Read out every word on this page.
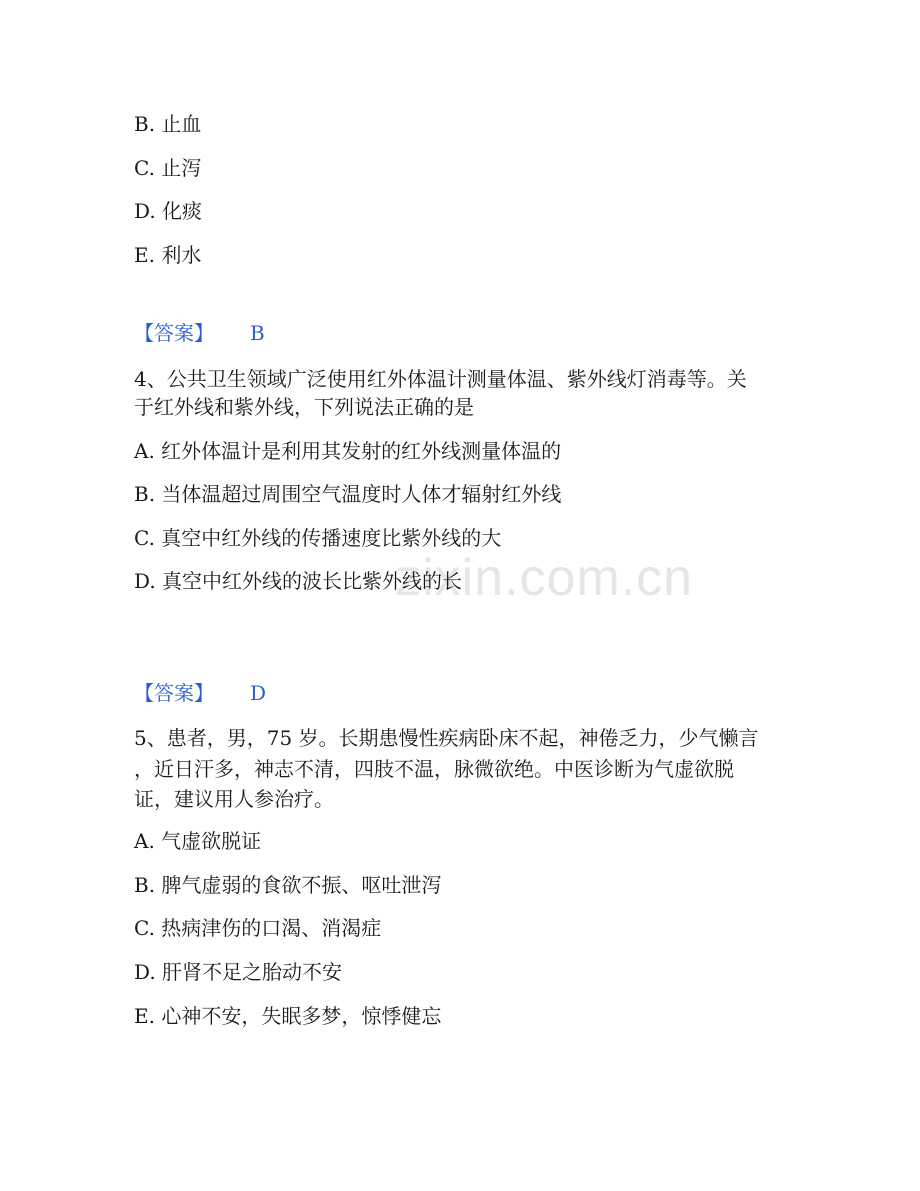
zixin.com.cn
B. 止血
C. 止泻
D. 化痰
E. 利水
【答案】 B
4、公共卫生领域广泛使用红外体温计测量体温、紫外线灯消毒等。关
于红外线和紫外线，下列说法正确的是
A. 红外体温计是利用其发射的红外线测量体温的
B. 当体温超过周围空气温度时人体才辐射红外线
C. 真空中红外线的传播速度比紫外线的大
D. 真空中红外线的波长比紫外线的长
【答案】 D
5、患者，男，75 岁。长期患慢性疾病卧床不起，神倦乏力，少气懒言
，近日汗多，神志不清，四肢不温，脉微欲绝。中医诊断为气虚欲脱
证，建议用人参治疗。
A. 气虚欲脱证
B. 脾气虚弱的食欲不振、呕吐泄泻
C. 热病津伤的口渴、消渴症
D. 肝肾不足之胎动不安
E. 心神不安，失眠多梦，惊悸健忘
